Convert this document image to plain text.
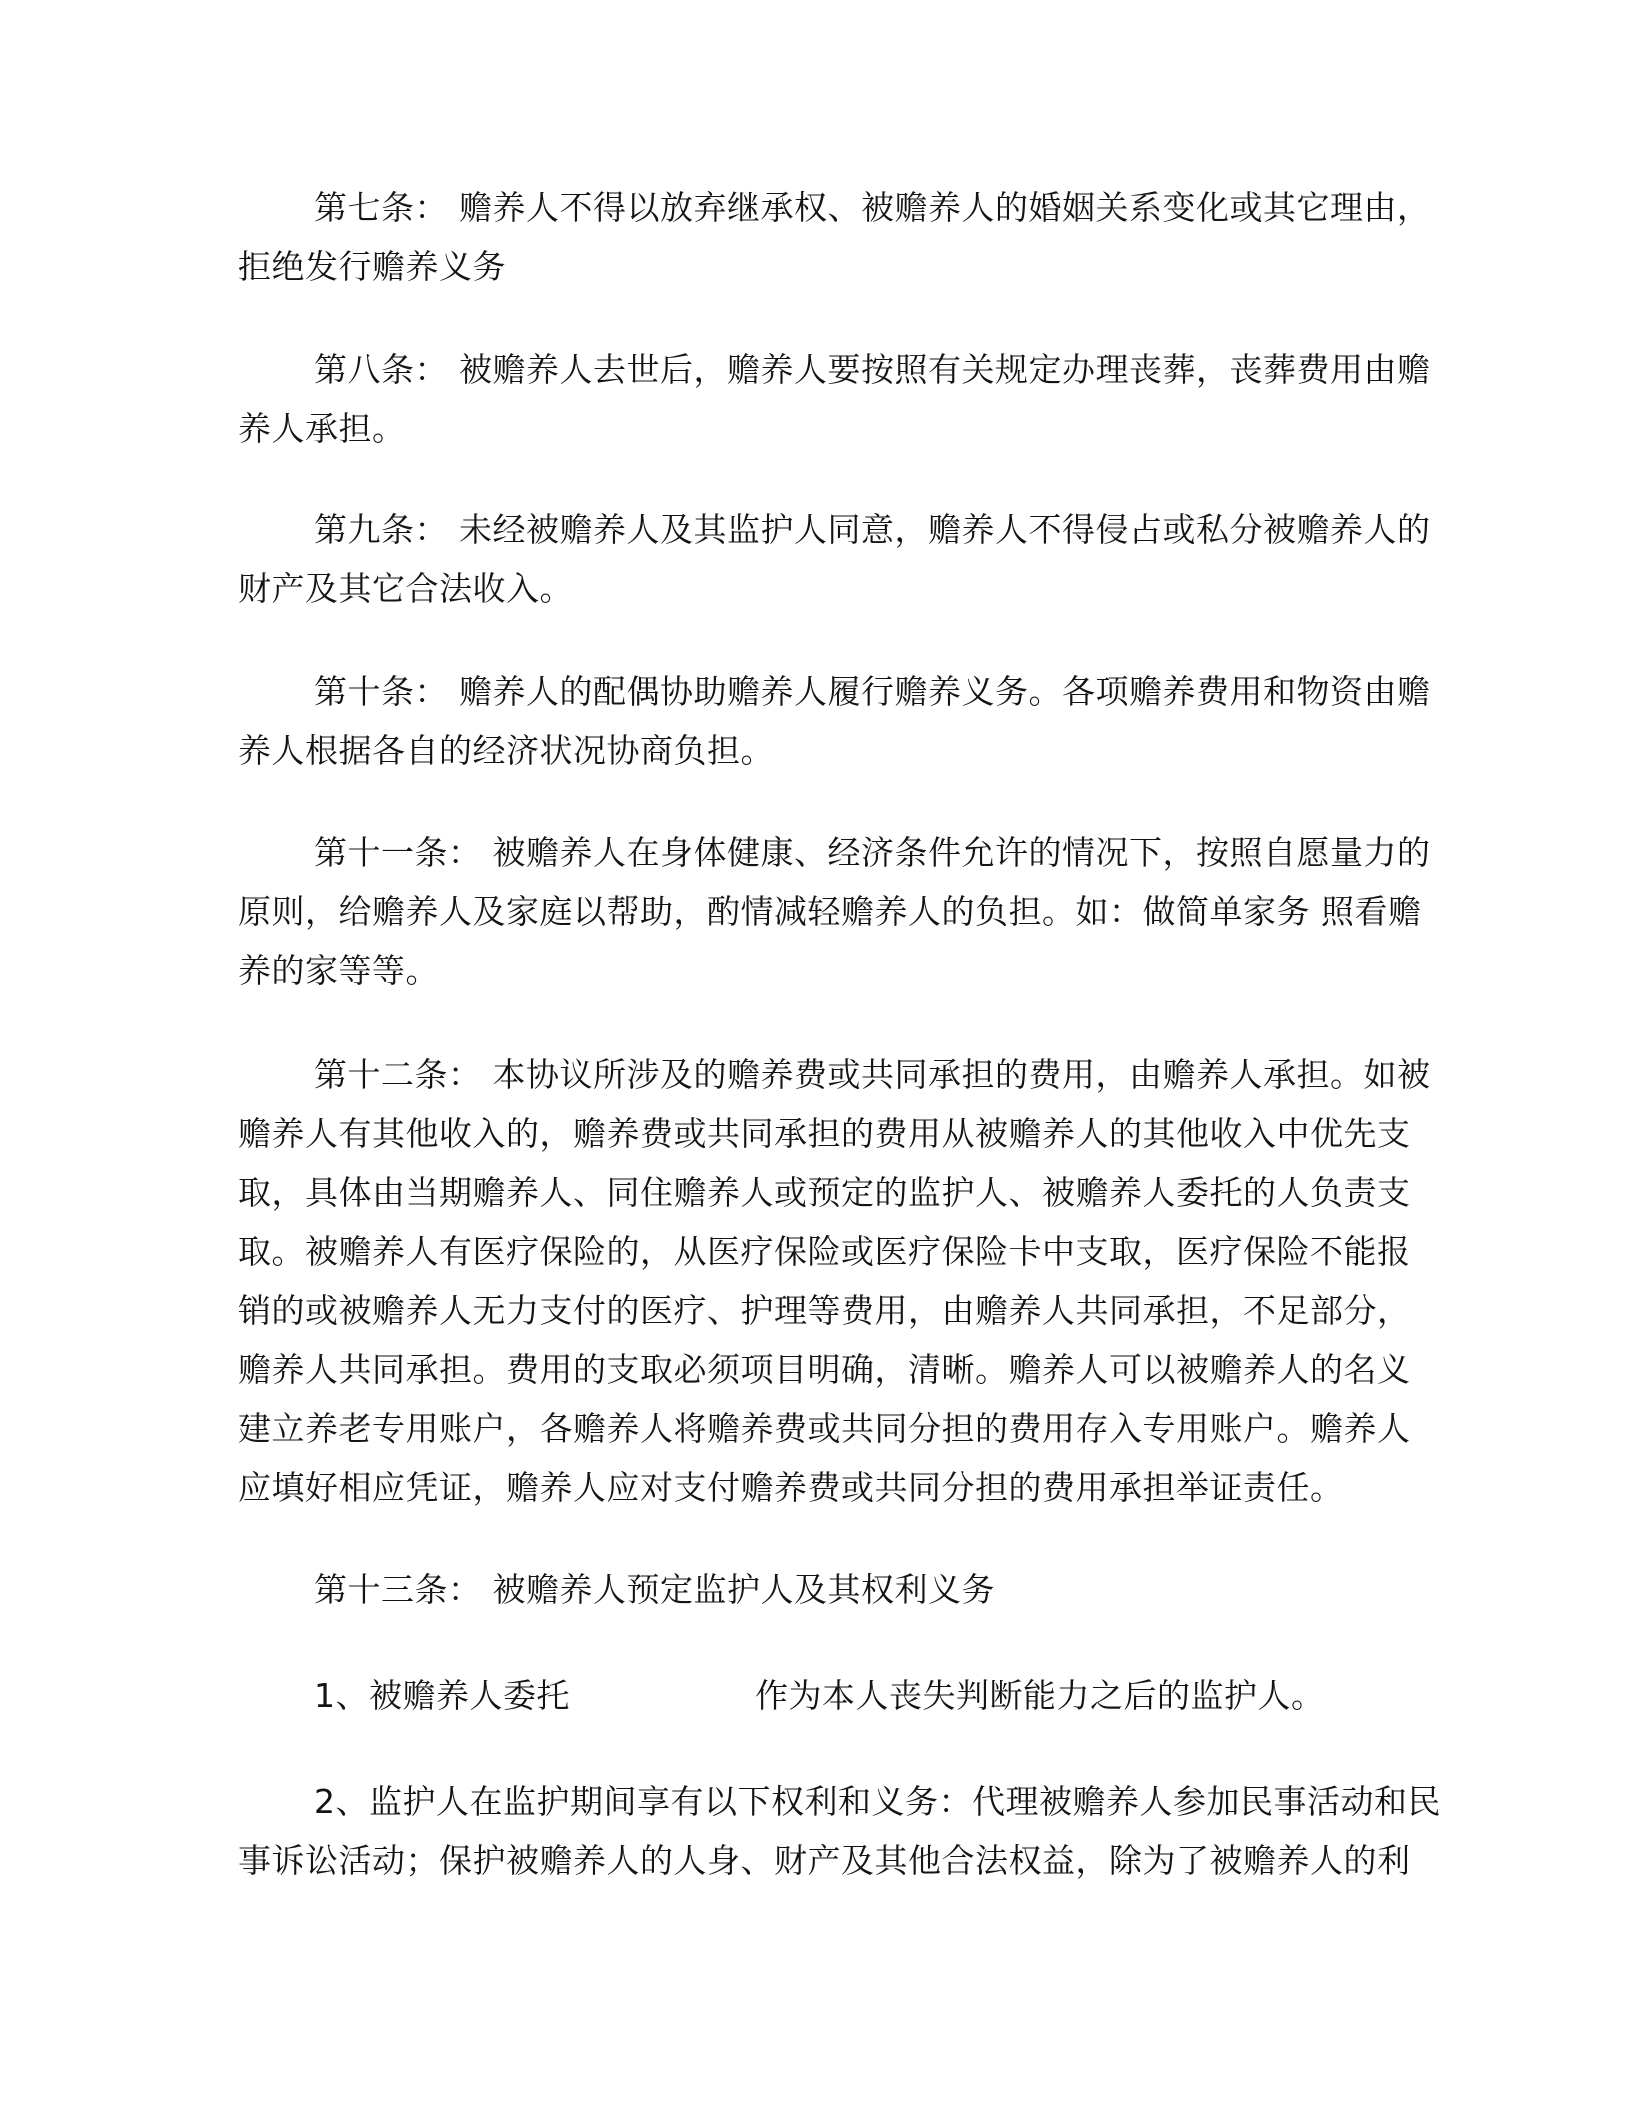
第七条： 赡养人不得以放弃继承权、被赡养人的婚姻关系变化或其它理由，
拒绝发行赡养义务
第八条： 被赡养人去世后，赡养人要按照有关规定办理丧葬，丧葬费用由赡
养人承担。
第九条： 未经被赡养人及其监护人同意，赡养人不得侵占或私分被赡养人的
财产及其它合法收入。
第十条： 赡养人的配偶协助赡养人履行赡养义务。各项赡养费用和物资由赡
养人根据各自的经济状况协商负担。
第十一条： 被赡养人在身体健康、经济条件允许的情况下，按照自愿量力的
原则，给赡养人及家庭以帮助，酌情减轻赡养人的负担。如：做简单家务 照看赡
养的家等等。
第十二条： 本协议所涉及的赡养费或共同承担的费用，由赡养人承担。如被
赡养人有其他收入的，赡养费或共同承担的费用从被赡养人的其他收入中优先支
取，具体由当期赡养人、同住赡养人或预定的监护人、被赡养人委托的人负责支
取。被赡养人有医疗保险的，从医疗保险或医疗保险卡中支取，医疗保险不能报
销的或被赡养人无力支付的医疗、护理等费用，由赡养人共同承担，不足部分，
赡养人共同承担。费用的支取必须项目明确，清晰。赡养人可以被赡养人的名义
建立养老专用账户，各赡养人将赡养费或共同分担的费用存入专用账户。赡养人
应填好相应凭证，赡养人应对支付赡养费或共同分担的费用承担举证责任。
第十三条： 被赡养人预定监护人及其权利义务
1、被赡养人委托	作为本人丧失判断能力之后的监护人。
2、监护人在监护期间享有以下权利和义务：代理被赡养人参加民事活动和民
事诉讼活动；保护被赡养人的人身、财产及其他合法权益，除为了被赡养人的利
